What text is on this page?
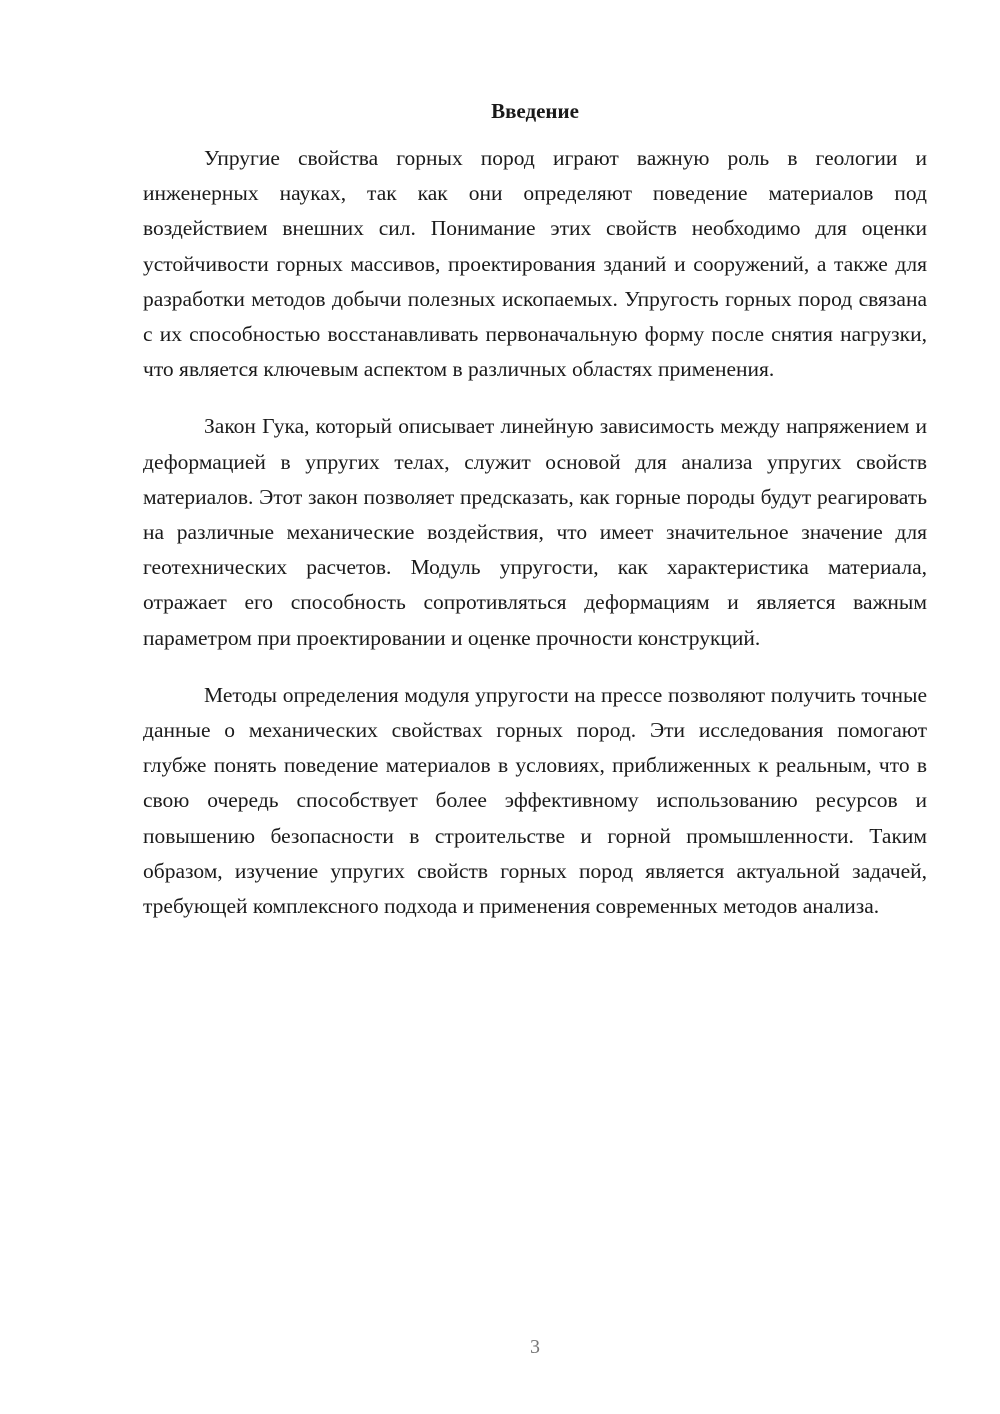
Введение

Упругие свойства горных пород играют важную роль в геологии и инженерных науках, так как они определяют поведение материалов под воздействием внешних сил. Понимание этих свойств необходимо для оценки устойчивости горных массивов, проектирования зданий и сооружений, а также для разработки методов добычи полезных ископаемых. Упругость горных пород связана с их способностью восстанавливать первоначальную форму после снятия нагрузки, что является ключевым аспектом в различных областях применения.

Закон Гука, который описывает линейную зависимость между напряжением и деформацией в упругих телах, служит основой для анализа упругих свойств материалов. Этот закон позволяет предсказать, как горные породы будут реагировать на различные механические воздействия, что имеет значительное значение для геотехнических расчетов. Модуль упругости, как характеристика материала, отражает его способность сопротивляться деформациям и является важным параметром при проектировании и оценке прочности конструкций.

Методы определения модуля упругости на прессе позволяют получить точные данные о механических свойствах горных пород. Эти исследования помогают глубже понять поведение материалов в условиях, приближенных к реальным, что в свою очередь способствует более эффективному использованию ресурсов и повышению безопасности в строительстве и горной промышленности. Таким образом, изучение упругих свойств горных пород является актуальной задачей, требующей комплексного подхода и применения современных методов анализа.

3
